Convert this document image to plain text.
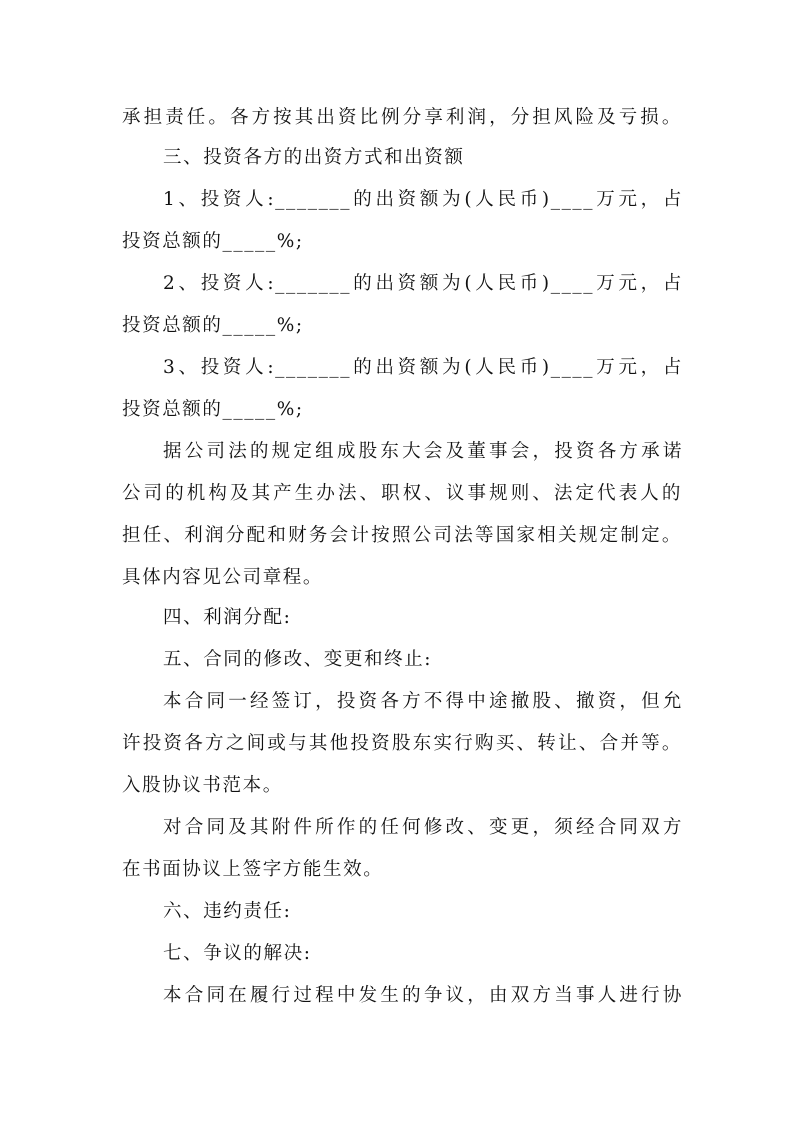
承担责任。各方按其出资比例分享利润，分担风险及亏损。
三、投资各方的出资方式和出资额
1、投资人:_______的出资额为(人民币)____万元，占
投资总额的_____%;
2、投资人:_______的出资额为(人民币)____万元，占
投资总额的_____%;
3、投资人:_______的出资额为(人民币)____万元，占
投资总额的_____%;
据公司法的规定组成股东大会及董事会，投资各方承诺
公司的机构及其产生办法、职权、议事规则、法定代表人的
担任、利润分配和财务会计按照公司法等国家相关规定制定。
具体内容见公司章程。
四、利润分配:
五、合同的修改、变更和终止:
本合同一经签订，投资各方不得中途撤股、撤资，但允
许投资各方之间或与其他投资股东实行购买、转让、合并等。
入股协议书范本。
对合同及其附件所作的任何修改、变更，须经合同双方
在书面协议上签字方能生效。
六、违约责任:
七、争议的解决:
本合同在履行过程中发生的争议，由双方当事人进行协
